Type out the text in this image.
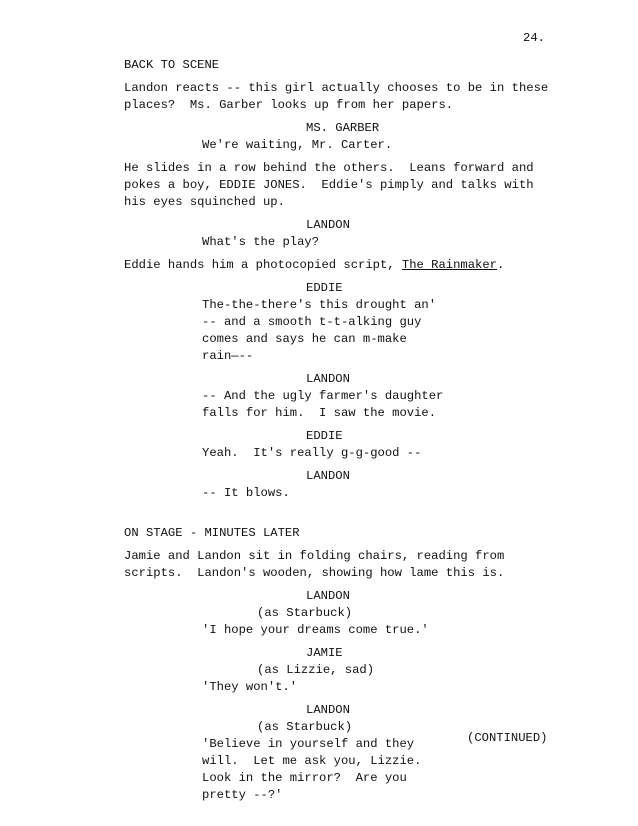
24.
BACK TO SCENE
Landon reacts -- this girl actually chooses to be in these
places?  Ms. Garber looks up from her papers.
MS. GARBER
We're waiting, Mr. Carter.
He slides in a row behind the others.  Leans forward and
pokes a boy, EDDIE JONES.  Eddie's pimply and talks with
his eyes squinched up.
LANDON
What's the play?
Eddie hands him a photocopied script, The Rainmaker.
EDDIE
The-the-there's this drought an'
-- and a smooth t-t-alking guy
comes and says he can m-make
rain—--
LANDON
-- And the ugly farmer's daughter
falls for him.  I saw the movie.
EDDIE
Yeah.  It's really g-g-good --
LANDON
-- It blows.
ON STAGE - MINUTES LATER
Jamie and Landon sit in folding chairs, reading from
scripts.  Landon's wooden, showing how lame this is.
LANDON
(as Starbuck)
'I hope your dreams come true.'
JAMIE
(as Lizzie, sad)
'They won't.'
LANDON
(as Starbuck)
'Believe in yourself and they
will.  Let me ask you, Lizzie.
Look in the mirror?  Are you
pretty --?'
(CONTINUED)
